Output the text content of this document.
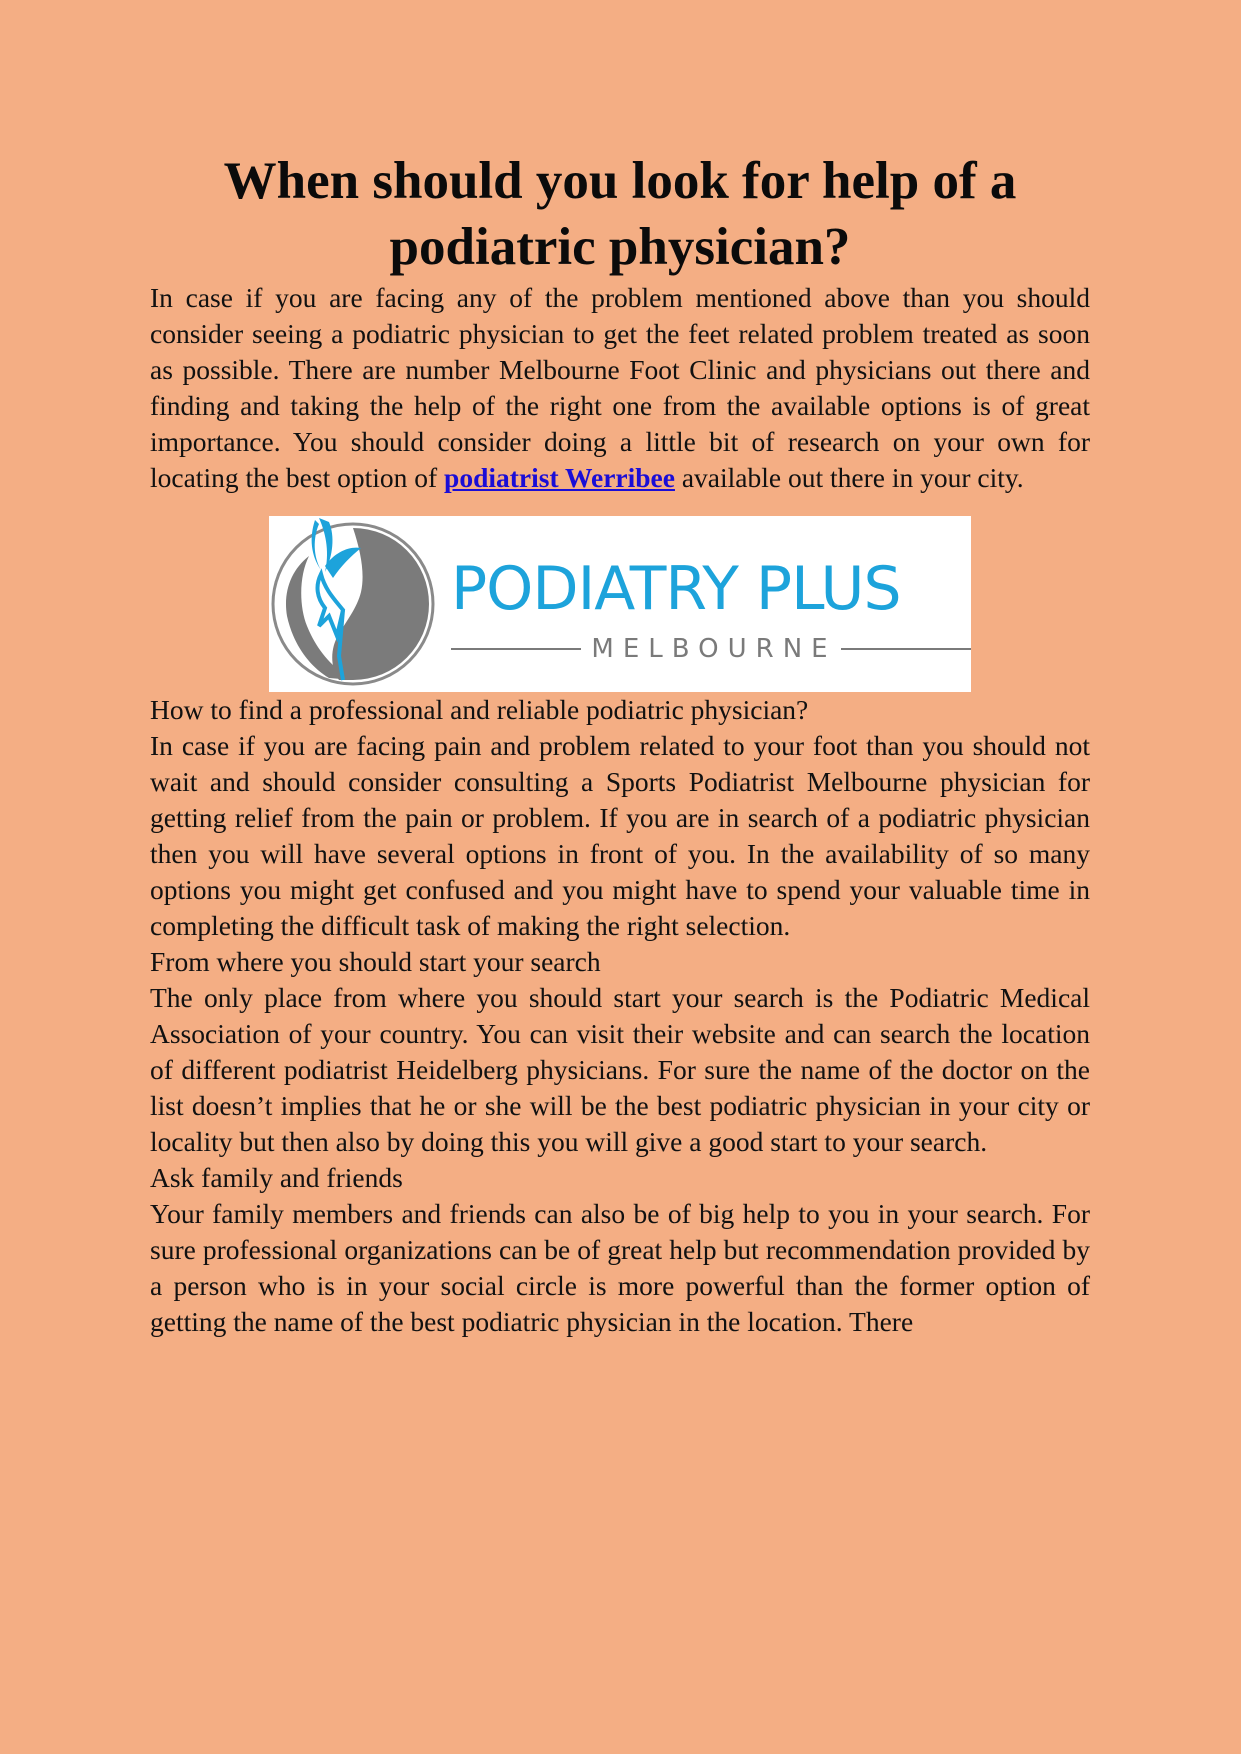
When should you look for help of a podiatric physician?

In case if you are facing any of the problem mentioned above than you should consider seeing a podiatric physician to get the feet related problem treated as soon as possible. There are number Melbourne Foot Clinic and physicians out there and finding and taking the help of the right one from the available options is of great importance. You should consider doing a little bit of research on your own for locating the best option of podiatrist Werribee available out there in your city.

PODIATRY PLUS
MELBOURNE

How to find a professional and reliable podiatric physician?

In case if you are facing pain and problem related to your foot than you should not wait and should consider consulting a Sports Podiatrist Melbourne physician for getting relief from the pain or problem. If you are in search of a podiatric physician then you will have several options in front of you. In the availability of so many options you might get confused and you might have to spend your valuable time in completing the difficult task of making the right selection.

From where you should start your search

The only place from where you should start your search is the Podiatric Medical Association of your country. You can visit their website and can search the location of different podiatrist Heidelberg physicians. For sure the name of the doctor on the list doesn’t implies that he or she will be the best podiatric physician in your city or locality but then also by doing this you will give a good start to your search.

Ask family and friends

Your family members and friends can also be of big help to you in your search. For sure professional organizations can be of great help but recommendation provided by a person who is in your social circle is more powerful than the former option of getting the name of the best podiatric physician in the location. There
